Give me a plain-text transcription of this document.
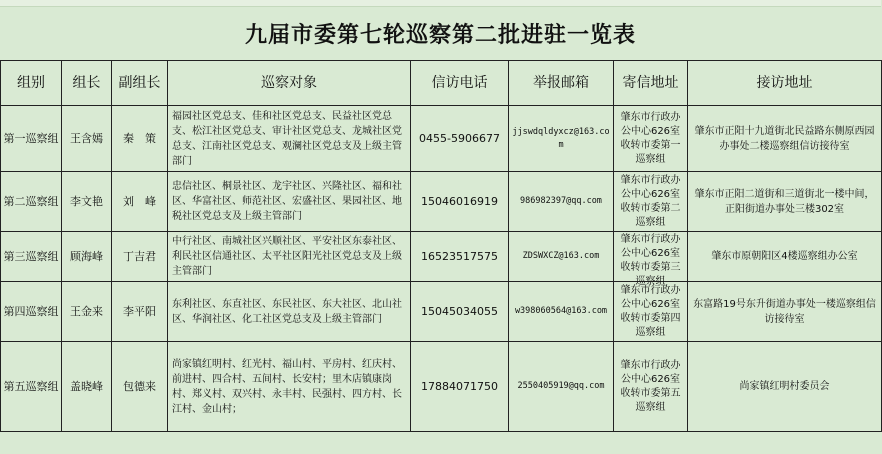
九届市委第七轮巡察第二批进驻一览表
组别	组长	副组长	巡察对象	信访电话	举报邮箱	寄信地址	接访地址
第一巡察组	王含嫣	秦　策	福园社区党总支、佳和社区党总支、民益社区党总支、松江社区党总支、审计社区党总支、龙城社区党总支、江南社区党总支、观澜社区党总支及上级主管部门	0455-5906677	jjswdqldyxcz@163.com	肇东市行政办公中心626室收转市委第一巡察组	肇东市正阳十九道街北民益路东侧原西园办事处二楼巡察组信访接待室
第二巡察组	李文艳	刘　峰	忠信社区、桐景社区、龙宇社区、兴隆社区、福和社区、华富社区、师范社区、宏盛社区、果园社区、地税社区党总支及上级主管部门	15046016919	986982397@qq.com	肇东市行政办公中心626室收转市委第二巡察组	肇东市正阳二道街和三道街北一楼中间，正阳街道办事处三楼302室
第三巡察组	顾海峰	丁吉君	中行社区、南城社区兴顺社区、平安社区东泰社区、利民社区信通社区、太平社区阳光社区党总支及上级主管部门	16523517575	ZDSWXCZ@163.com	肇东市行政办公中心626室收转市委第三巡察组	肇东市原朝阳区4楼巡察组办公室
第四巡察组	王金来	李平阳	东利社区、东直社区、东民社区、东大社区、北山社区、华润社区、化工社区党总支及上级主管部门	15045034055	w398060564@163.com	肇东市行政办公中心626室收转市委第四巡察组	东富路19号东升街道办事处一楼巡察组信访接待室
第五巡察组	盖晓峰	包德来	尚家镇红明村、红光村、福山村、平房村、红庆村、前进村、四合村、五间村、长安村；里木店镇康岗村、郑义村、双兴村、永丰村、民强村、四方村、长江村、金山村；	17884071750	2550405919@qq.com	肇东市行政办公中心626室收转市委第五巡察组	尚家镇红明村委员会
